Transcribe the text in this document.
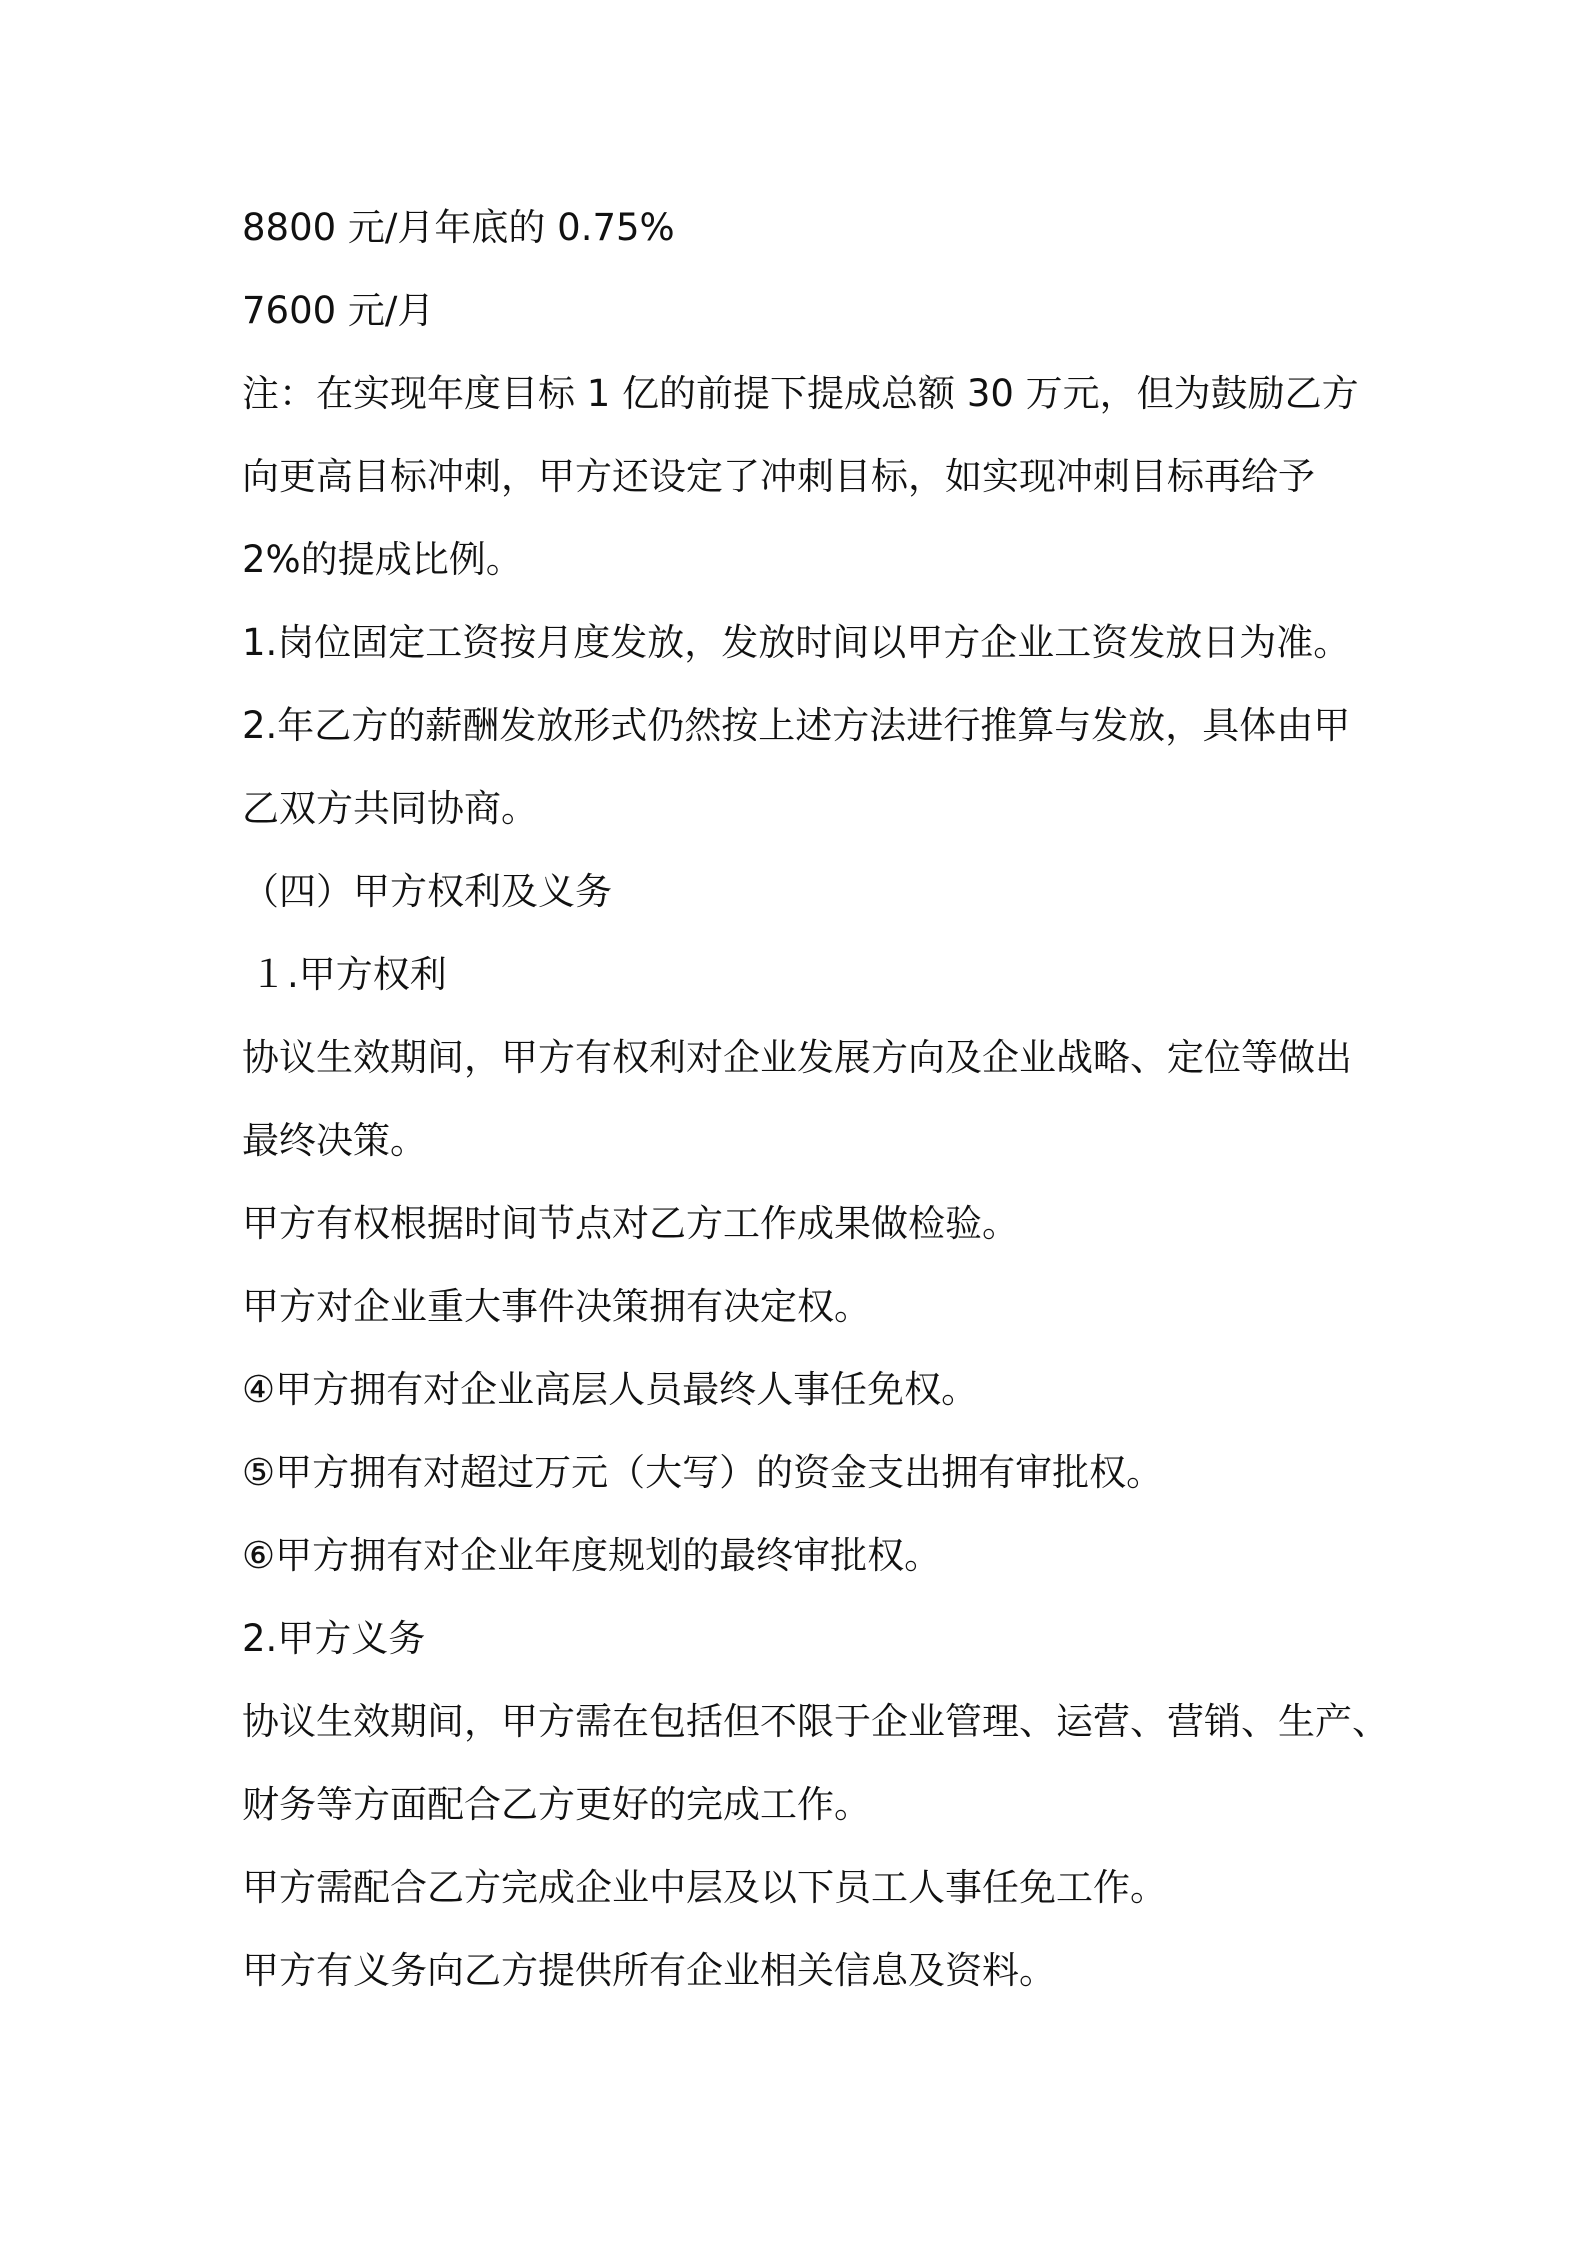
8800 元/月年底的 0.75%
7600 元/月
注：在实现年度目标 1 亿的前提下提成总额 30 万元，但为鼓励乙方
向更高目标冲刺，甲方还设定了冲刺目标，如实现冲刺目标再给予
2%的提成比例。
1.岗位固定工资按月度发放，发放时间以甲方企业工资发放日为准。
2.年乙方的薪酬发放形式仍然按上述方法进行推算与发放，具体由甲
乙双方共同协商。
（四）甲方权利及义务
１.甲方权利
协议生效期间，甲方有权利对企业发展方向及企业战略、定位等做出
最终决策。
甲方有权根据时间节点对乙方工作成果做检验。
甲方对企业重大事件决策拥有决定权。
④甲方拥有对企业高层人员最终人事任免权。
⑤甲方拥有对超过万元（大写）的资金支出拥有审批权。
⑥甲方拥有对企业年度规划的最终审批权。
2.甲方义务
协议生效期间，甲方需在包括但不限于企业管理、运营、营销、生产、
财务等方面配合乙方更好的完成工作。
甲方需配合乙方完成企业中层及以下员工人事任免工作。
甲方有义务向乙方提供所有企业相关信息及资料。
